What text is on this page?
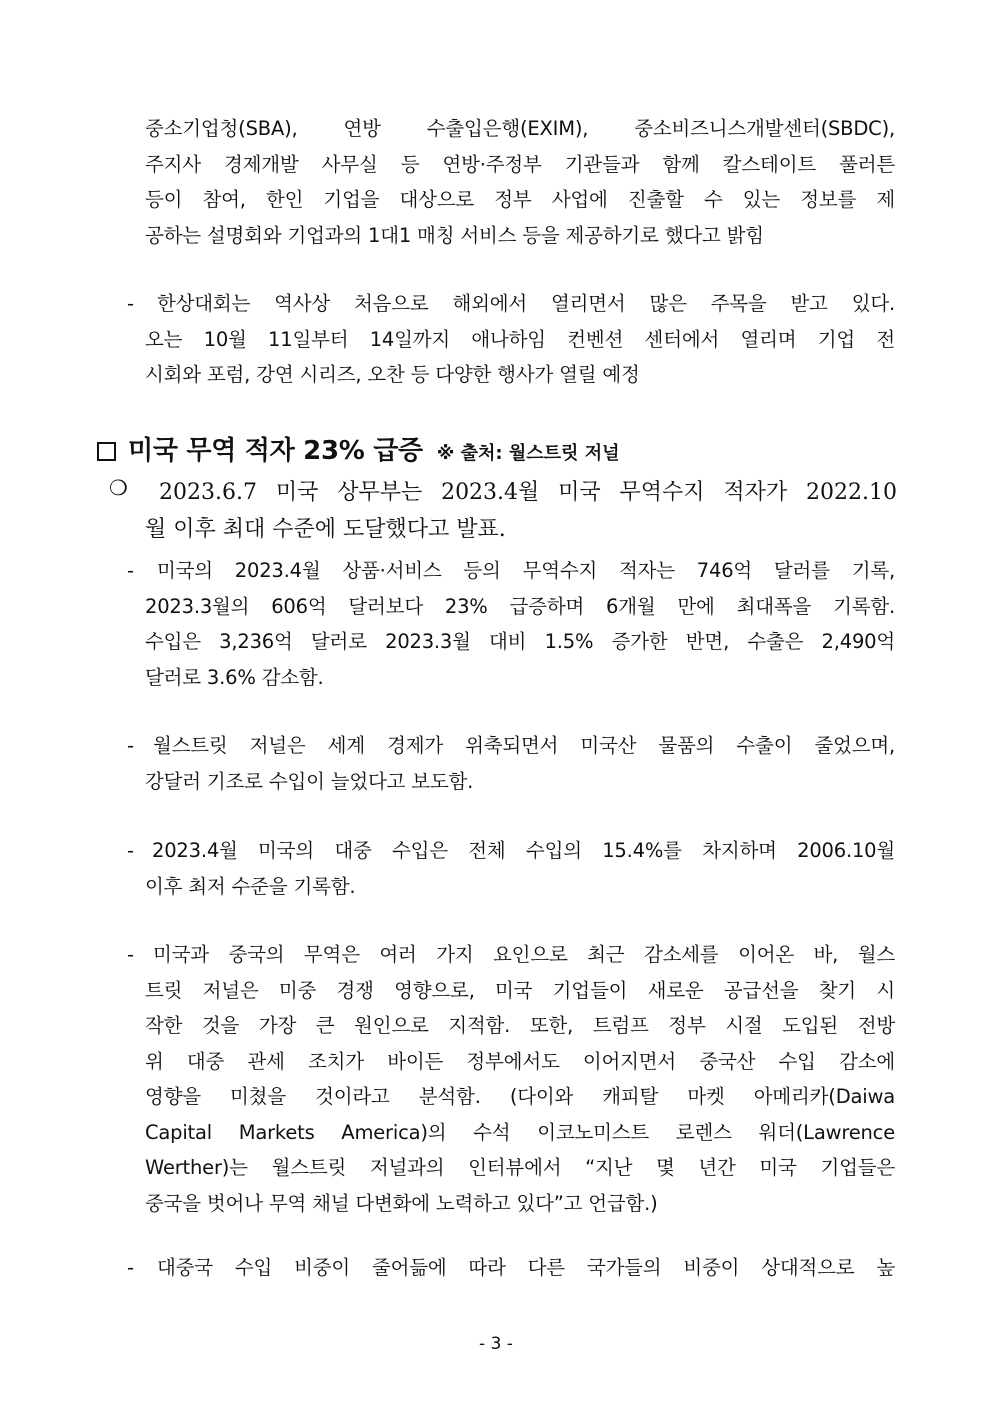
중소기업청(SBA), 연방 수출입은행(EXIM), 중소비즈니스개발센터(SBDC),
주지사 경제개발 사무실 등 연방·주정부 기관들과 함께 칼스테이트 풀러튼
등이 참여, 한인 기업을 대상으로 정부 사업에 진출할 수 있는 정보를 제
공하는 설명회와 기업과의 1대1 매칭 서비스 등을 제공하기로 했다고 밝힘
-	한상대회는 역사상 처음으로 해외에서 열리면서 많은 주목을 받고 있다.
오는 10월 11일부터 14일까지 애나하임 컨벤션 센터에서 열리며 기업 전
시회와 포럼, 강연 시리즈, 오찬 등 다양한 행사가 열릴 예정
미국 무역 적자 23% 급증 ※ 출처: 월스트릿 저널
❍	2023.6.7 미국 상무부는 2023.4월 미국 무역수지 적자가 2022.10
월 이후 최대 수준에 도달했다고 발표.
-	미국의 2023.4월 상품·서비스 등의 무역수지 적자는 746억 달러를 기록,
2023.3월의 606억 달러보다 23% 급증하며 6개월 만에 최대폭을 기록함.
수입은 3,236억 달러로 2023.3월 대비 1.5% 증가한 반면, 수출은 2,490억
달러로 3.6% 감소함.
- 월스트릿 저널은 세계 경제가 위축되면서 미국산 물품의 수출이 줄었으며,
강달러 기조로 수입이 늘었다고 보도함.
- 2023.4월 미국의 대중 수입은 전체 수입의 15.4%를 차지하며 2006.10월
이후 최저 수준을 기록함.
- 미국과 중국의 무역은 여러 가지 요인으로 최근 감소세를 이어온 바, 월스
트릿 저널은 미중 경쟁 영향으로, 미국 기업들이 새로운 공급선을 찾기 시
작한 것을 가장 큰 원인으로 지적함. 또한, 트럼프 정부 시절 도입된 전방
위 대중 관세 조치가 바이든 정부에서도 이어지면서 중국산 수입 감소에
영향을 미쳤을 것이라고 분석함. (다이와 캐피탈 마켓 아메리카(Daiwa
Capital Markets America)의 수석 이코노미스트 로렌스 워더(Lawrence
Werther)는 월스트릿 저널과의 인터뷰에서 “지난 몇 년간 미국 기업들은
중국을 벗어나 무역 채널 다변화에 노력하고 있다”고 언급함.)
-	대중국 수입 비중이 줄어듦에 따라 다른 국가들의 비중이 상대적으로 높
- 3 -
